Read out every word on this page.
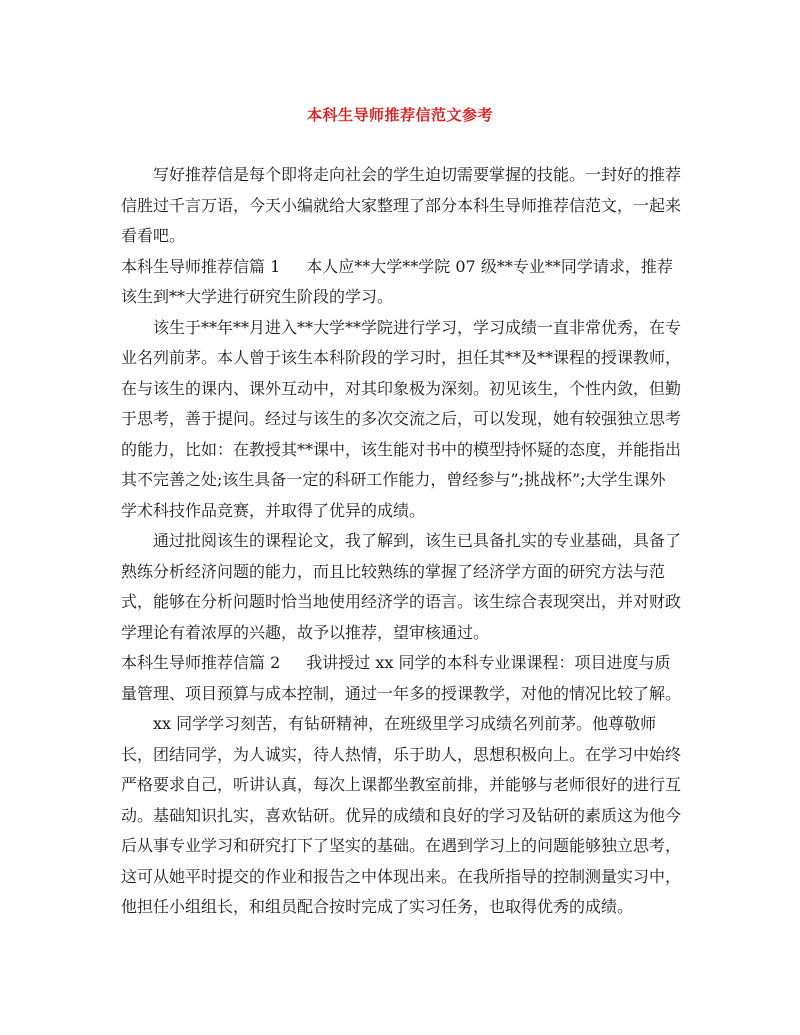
本科生导师推荐信范文参考

写好推荐信是每个即将走向社会的学生迫切需要掌握的技能。一封好的推荐信胜过千言万语，今天小编就给大家整理了部分本科生导师推荐信范文，一起来看看吧。

本科生导师推荐信篇 1 本人应**大学**学院 07 级**专业**同学请求，推荐该生到**大学进行研究生阶段的学习。

该生于**年**月进入**大学**学院进行学习，学习成绩一直非常优秀，在专业名列前茅。本人曾于该生本科阶段的学习时，担任其**及**课程的授课教师，在与该生的课内、课外互动中，对其印象极为深刻。初见该生，个性内敛，但勤于思考，善于提问。经过与该生的多次交流之后，可以发现，她有较强独立思考的能力，比如：在教授其**课中，该生能对书中的模型持怀疑的态度，并能指出其不完善之处;该生具备一定的科研工作能力，曾经参与”;挑战杯”;大学生课外学术科技作品竞赛，并取得了优异的成绩。

通过批阅该生的课程论文，我了解到，该生已具备扎实的专业基础，具备了熟练分析经济问题的能力，而且比较熟练的掌握了经济学方面的研究方法与范式，能够在分析问题时恰当地使用经济学的语言。该生综合表现突出，并对财政学理论有着浓厚的兴趣，故予以推荐，望审核通过。

本科生导师推荐信篇 2 我讲授过 xx 同学的本科专业课课程：项目进度与质量管理、项目预算与成本控制，通过一年多的授课教学，对他的情况比较了解。

xx 同学学习刻苦，有钻研精神，在班级里学习成绩名列前茅。他尊敬师长，团结同学，为人诚实，待人热情，乐于助人，思想积极向上。在学习中始终严格要求自己，听讲认真，每次上课都坐教室前排，并能够与老师很好的进行互动。基础知识扎实，喜欢钻研。优异的成绩和良好的学习及钻研的素质这为他今后从事专业学习和研究打下了坚实的基础。在遇到学习上的问题能够独立思考，这可从她平时提交的作业和报告之中体现出来。在我所指导的控制测量实习中，他担任小组组长，和组员配合按时完成了实习任务，也取得优秀的成绩。
